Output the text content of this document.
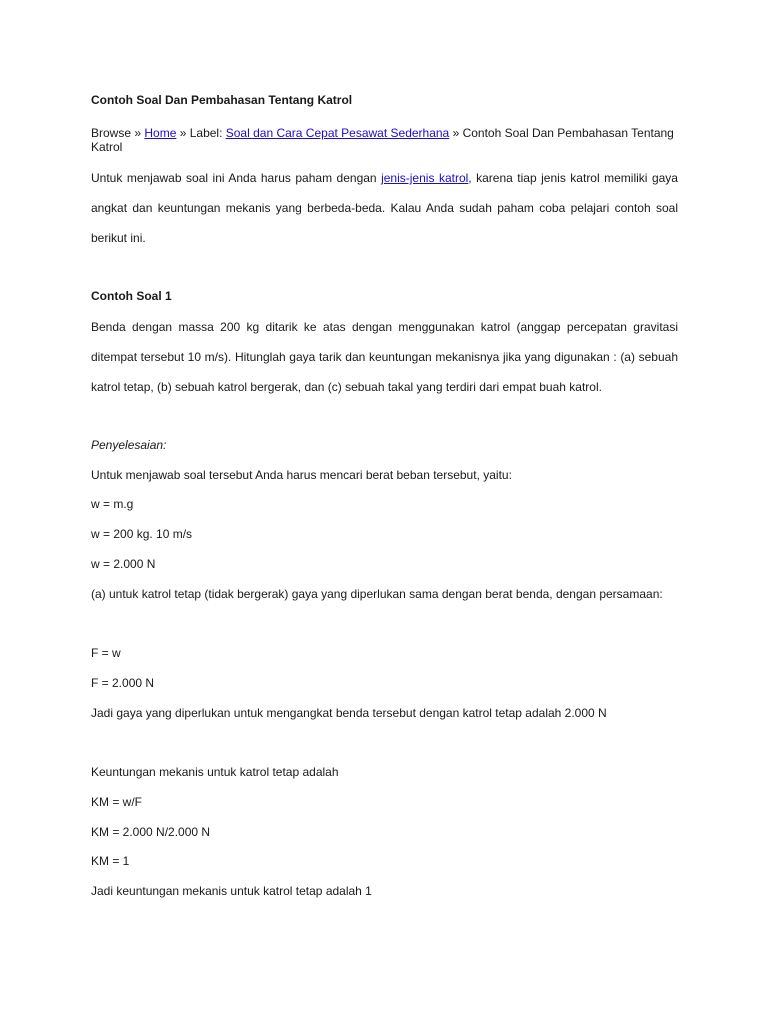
Contoh Soal Dan Pembahasan Tentang Katrol

Browse » Home » Label: Soal dan Cara Cepat Pesawat Sederhana » Contoh Soal Dan Pembahasan Tentang Katrol

Untuk menjawab soal ini Anda harus paham dengan jenis-jenis katrol, karena tiap jenis katrol memiliki gaya angkat dan keuntungan mekanis yang berbeda-beda. Kalau Anda sudah paham coba pelajari contoh soal berikut ini.

Contoh Soal 1

Benda dengan massa 200 kg ditarik ke atas dengan menggunakan katrol (anggap percepatan gravitasi ditempat tersebut 10 m/s). Hitunglah gaya tarik dan keuntungan mekanisnya jika yang digunakan : (a) sebuah katrol tetap, (b) sebuah katrol bergerak, dan (c) sebuah takal yang terdiri dari empat buah katrol.

Penyelesaian:

Untuk menjawab soal tersebut Anda harus mencari berat beban tersebut, yaitu:

w = m.g

w = 200 kg. 10 m/s

w = 2.000 N

(a) untuk katrol tetap (tidak bergerak) gaya yang diperlukan sama dengan berat benda, dengan persamaan:

F = w

F = 2.000 N

Jadi gaya yang diperlukan untuk mengangkat benda tersebut dengan katrol tetap adalah 2.000 N

Keuntungan mekanis untuk katrol tetap adalah

KM = w/F

KM = 2.000 N/2.000 N

KM = 1

Jadi keuntungan mekanis untuk katrol tetap adalah 1
